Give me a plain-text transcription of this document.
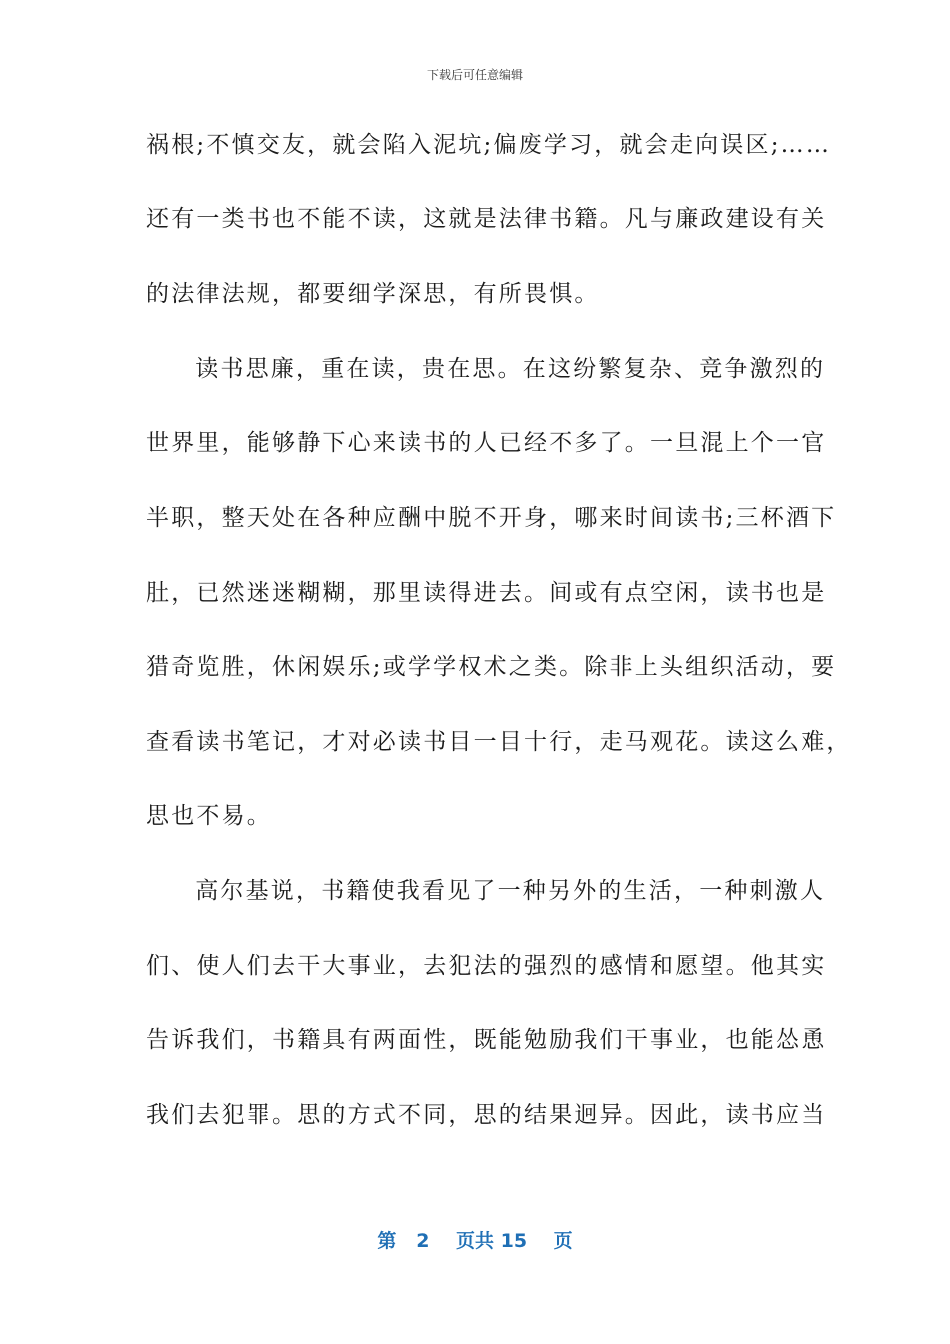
下载后可任意编辑
祸根;不慎交友，就会陷入泥坑;偏废学习，就会走向误区;……
还有一类书也不能不读，这就是法律书籍。凡与廉政建设有关
的法律法规，都要细学深思，有所畏惧。
　读书思廉，重在读，贵在思。在这纷繁复杂、竞争激烈的
世界里，能够静下心来读书的人已经不多了。一旦混上个一官
半职，整天处在各种应酬中脱不开身，哪来时间读书;三杯酒下
肚，已然迷迷糊糊，那里读得进去。间或有点空闲，读书也是
猎奇览胜，休闲娱乐;或学学权术之类。除非上头组织活动，要
查看读书笔记，才对必读书目一目十行，走马观花。读这么难，
思也不易。
　高尔基说，书籍使我看见了一种另外的生活，一种刺激人
们、使人们去干大事业，去犯法的强烈的感情和愿望。他其实
告诉我们，书籍具有两面性，既能勉励我们干事业，也能怂恿
我们去犯罪。思的方式不同，思的结果迥异。因此，读书应当
第 2 页共 15 页
